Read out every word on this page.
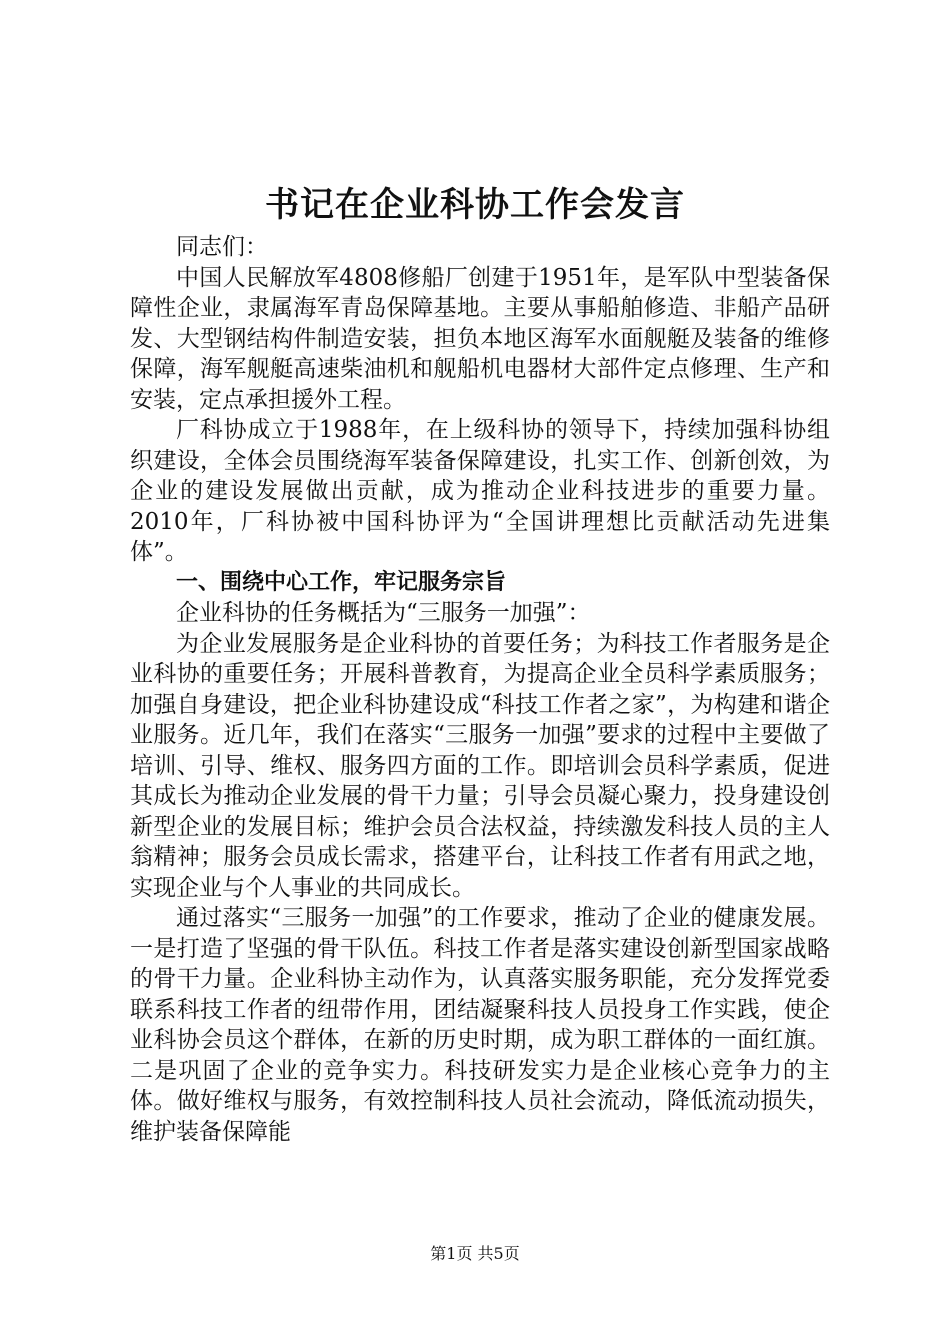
书记在企业科协工作会发言

同志们：

中国人民解放军4808修船厂创建于1951年，是军队中型装备保障性企业，隶属海军青岛保障基地。主要从事船舶修造、非船产品研发、大型钢结构件制造安装，担负本地区海军水面舰艇及装备的维修保障，海军舰艇高速柴油机和舰船机电器材大部件定点修理、生产和安装，定点承担援外工程。

厂科协成立于1988年，在上级科协的领导下，持续加强科协组织建设，全体会员围绕海军装备保障建设，扎实工作、创新创效，为企业的建设发展做出贡献，成为推动企业科技进步的重要力量。2010年，厂科协被中国科协评为“全国讲理想比贡献活动先进集体”。

一、围绕中心工作，牢记服务宗旨

企业科协的任务概括为“三服务一加强”：

为企业发展服务是企业科协的首要任务；为科技工作者服务是企业科协的重要任务；开展科普教育，为提高企业全员科学素质服务；加强自身建设，把企业科协建设成“科技工作者之家”，为构建和谐企业服务。近几年，我们在落实“三服务一加强”要求的过程中主要做了培训、引导、维权、服务四方面的工作。即培训会员科学素质，促进其成长为推动企业发展的骨干力量；引导会员凝心聚力，投身建设创新型企业的发展目标；维护会员合法权益，持续激发科技人员的主人翁精神；服务会员成长需求，搭建平台，让科技工作者有用武之地，实现企业与个人事业的共同成长。

通过落实“三服务一加强”的工作要求，推动了企业的健康发展。一是打造了坚强的骨干队伍。科技工作者是落实建设创新型国家战略的骨干力量。企业科协主动作为，认真落实服务职能，充分发挥党委联系科技工作者的纽带作用，团结凝聚科技人员投身工作实践，使企业科协会员这个群体，在新的历史时期，成为职工群体的一面红旗。二是巩固了企业的竞争实力。科技研发实力是企业核心竞争力的主体。做好维权与服务，有效控制科技人员社会流动，降低流动损失，维护装备保障能

第1页 共5页
